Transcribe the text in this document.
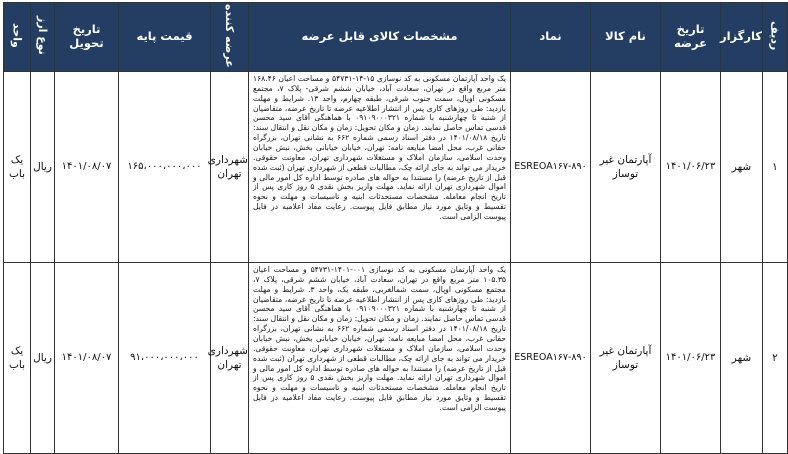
ردیف	کارگزار	تاریخ عرضه	نام کالا	نماد	مشخصات کالای قابل عرضه	عرضه کننده	قیمت پایه	تاریخ تحویل	نوع ارز	واحد
۱	شهر	۱۴۰۱/۰۶/۲۳	آپارتمان غیر توساز	ESREOA۱۶۷-۸۹۰	یک واحد آپارتمان مسکونی به کد نوسازی ۱۵-۱۴-۵۴۷۳۱ و مساحت اعیان ۱۶۸.۴۶ متر مربع واقع در تهران، سعادت آباد، خیابان ششم شرقی- پلاک ۷، مجتمع مسکونی اوپال، سمت جنوب شرقی، طبقه چهارم، واحد ۱۳. شرایط و مهلت بازدید: طی روزهای کاری پس از انتشار اطلاعیه عرضه تا تاریخ عرضه، متقاضیان از شنبه تا چهارشنبه با شماره ۰۹۱۰۹۰۰۰۳۲۱ با هماهنگی آقای سید محسن قدسی تماس حاصل نمایند. زمان و مکان تحویل: زمان و مکان نقل و انتقال سند: تاریخ ۱۴۰۱/۰۸/۱۸ در دفتر اسناد رسمی شماره ۶۶۲ به نشانی تهران، بزرگراه حقانی غرب، محل امضا مبایعه نامه: تهران، خیابان خیابانی بخش، نبش خیابان وحدت اسلامی، سازمان املاک و مستغلات شهرداری تهران، معاونت حقوقی. خریدار می تواند به جای ارائه چک، مطالبات قطعی از شهرداری تهران (ثبت شده قبل از تاریخ عرضه) را مستندا به حواله های صادره توسط اداره کل امور مالی و اموال شهرداری تهران ارائه نماید. مهلت واریز بخش نقدی ۵ روز کاری پس از تاریخ انجام معامله. مشخصات مستحدثات ابنیه و تاسیسات و مهلت و نحوه تقسیط و وثایق مورد نیاز مطابق فایل پیوست. رعایت مفاد اعلامیه در فایل پیوست الزامی است.	شهرداری تهران	۱۶۵،۰۰۰،۰۰۰،۰۰۰	۱۴۰۱/۰۸/۰۷	ریال	یک باب
۲	شهر	۱۴۰۱/۰۶/۲۳	آپارتمان غیر توساز	ESREOA۱۶۷-۸۹۰	یک واحد آپارتمان مسکونی به کد نوسازی ۰۰۱-۱۴۰۱-۵۴۷۳۱ و مساحت اعیان ۱۰۵.۳۵ متر مربع واقع در تهران، سعادت آباد، خیابان ششم شرقی، پلاک ۷، مجتمع مسکونی اوپال، سمت شمالغربی، طبقه یک، واحد ۳. شرایط و مهلت بازدید: طی روزهای کاری پس از انتشار اطلاعیه عرضه تا تاریخ عرضه، متقاضیان از شنبه تا چهارشنبه با شماره ۰۹۱۰۹۰۰۰۳۲۱ با هماهنگی آقای سید محسن قدسی تماس حاصل نمایند. زمان و مکان تحویل: زمان و مکان نقل و انتقال سند: تاریخ ۱۴۰۱/۰۸/۱۸ در دفتر اسناد رسمی شماره ۶۶۲ به نشانی تهران، بزرگراه حقانی غرب، محل امضا مبایعه نامه: تهران، خیابان خیابانی بخش، نبش خیابان وحدت اسلامی، سازمان املاک و مستغلات شهرداری تهران، معاونت حقوقی. خریدار می تواند به جای ارائه چک، مطالبات قطعی از شهرداری تهران (ثبت شده قبل از تاریخ عرضه) را مستندا به حواله های صادره توسط اداره کل امور مالی و اموال شهرداری تهران ارائه نماید. مهلت واریز بخش نقدی ۵ روز کاری پس از تاریخ انجام معامله. مشخصات مستحدثات ابنیه و تاسیسات و مهلت و نحوه تقسیط و وثایق مورد نیاز مطابق فایل پیوست. رعایت مفاد اعلامیه در فایل پیوست الزامی است.	شهرداری تهران	۹۱،۰۰۰،۰۰۰،۰۰۰	۱۴۰۱/۰۸/۰۷	ریال	یک باب
